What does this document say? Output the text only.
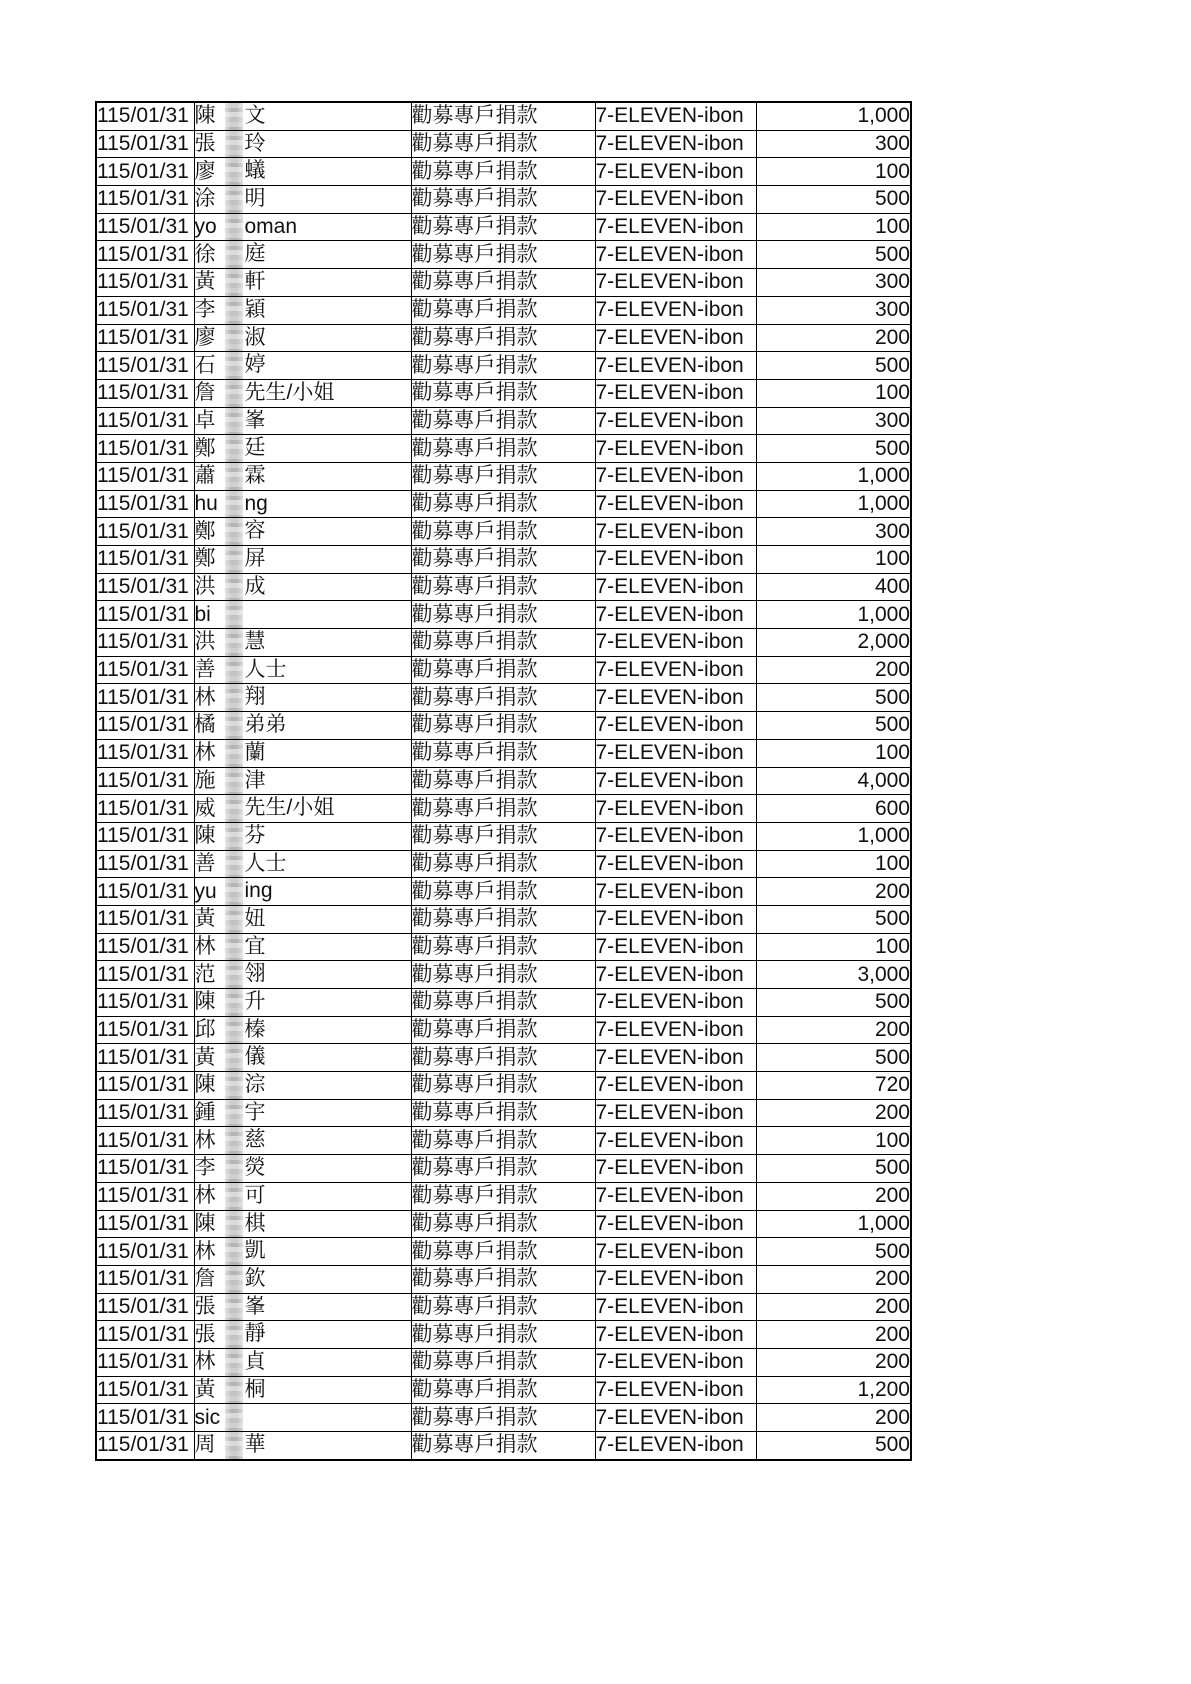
115/01/31	陳 文	勸募專戶捐款	7-ELEVEN-ibon	1,000
115/01/31	張 玲	勸募專戶捐款	7-ELEVEN-ibon	300
115/01/31	廖 蟻	勸募專戶捐款	7-ELEVEN-ibon	100
115/01/31	涂 明	勸募專戶捐款	7-ELEVEN-ibon	500
115/01/31	yo oman	勸募專戶捐款	7-ELEVEN-ibon	100
115/01/31	徐 庭	勸募專戶捐款	7-ELEVEN-ibon	500
115/01/31	黃 軒	勸募專戶捐款	7-ELEVEN-ibon	300
115/01/31	李 穎	勸募專戶捐款	7-ELEVEN-ibon	300
115/01/31	廖 淑	勸募專戶捐款	7-ELEVEN-ibon	200
115/01/31	石 婷	勸募專戶捐款	7-ELEVEN-ibon	500
115/01/31	詹 先生/小姐	勸募專戶捐款	7-ELEVEN-ibon	100
115/01/31	卓 峯	勸募專戶捐款	7-ELEVEN-ibon	300
115/01/31	鄭 廷	勸募專戶捐款	7-ELEVEN-ibon	500
115/01/31	蕭 霖	勸募專戶捐款	7-ELEVEN-ibon	1,000
115/01/31	hu ng	勸募專戶捐款	7-ELEVEN-ibon	1,000
115/01/31	鄭 容	勸募專戶捐款	7-ELEVEN-ibon	300
115/01/31	鄭 屏	勸募專戶捐款	7-ELEVEN-ibon	100
115/01/31	洪 成	勸募專戶捐款	7-ELEVEN-ibon	400
115/01/31	bi	勸募專戶捐款	7-ELEVEN-ibon	1,000
115/01/31	洪 慧	勸募專戶捐款	7-ELEVEN-ibon	2,000
115/01/31	善 人士	勸募專戶捐款	7-ELEVEN-ibon	200
115/01/31	林 翔	勸募專戶捐款	7-ELEVEN-ibon	500
115/01/31	橘 弟弟	勸募專戶捐款	7-ELEVEN-ibon	500
115/01/31	林 蘭	勸募專戶捐款	7-ELEVEN-ibon	100
115/01/31	施 津	勸募專戶捐款	7-ELEVEN-ibon	4,000
115/01/31	威 先生/小姐	勸募專戶捐款	7-ELEVEN-ibon	600
115/01/31	陳 芬	勸募專戶捐款	7-ELEVEN-ibon	1,000
115/01/31	善 人士	勸募專戶捐款	7-ELEVEN-ibon	100
115/01/31	yu ing	勸募專戶捐款	7-ELEVEN-ibon	200
115/01/31	黃 妞	勸募專戶捐款	7-ELEVEN-ibon	500
115/01/31	林 宜	勸募專戶捐款	7-ELEVEN-ibon	100
115/01/31	范 翎	勸募專戶捐款	7-ELEVEN-ibon	3,000
115/01/31	陳 升	勸募專戶捐款	7-ELEVEN-ibon	500
115/01/31	邱 榛	勸募專戶捐款	7-ELEVEN-ibon	200
115/01/31	黃 儀	勸募專戶捐款	7-ELEVEN-ibon	500
115/01/31	陳 淙	勸募專戶捐款	7-ELEVEN-ibon	720
115/01/31	鍾 宇	勸募專戶捐款	7-ELEVEN-ibon	200
115/01/31	林 慈	勸募專戶捐款	7-ELEVEN-ibon	100
115/01/31	李 熒	勸募專戶捐款	7-ELEVEN-ibon	500
115/01/31	林 可	勸募專戶捐款	7-ELEVEN-ibon	200
115/01/31	陳 棋	勸募專戶捐款	7-ELEVEN-ibon	1,000
115/01/31	林 凱	勸募專戶捐款	7-ELEVEN-ibon	500
115/01/31	詹 欽	勸募專戶捐款	7-ELEVEN-ibon	200
115/01/31	張 峯	勸募專戶捐款	7-ELEVEN-ibon	200
115/01/31	張 靜	勸募專戶捐款	7-ELEVEN-ibon	200
115/01/31	林 貞	勸募專戶捐款	7-ELEVEN-ibon	200
115/01/31	黃 桐	勸募專戶捐款	7-ELEVEN-ibon	1,200
115/01/31	sic	勸募專戶捐款	7-ELEVEN-ibon	200
115/01/31	周 華	勸募專戶捐款	7-ELEVEN-ibon	500
